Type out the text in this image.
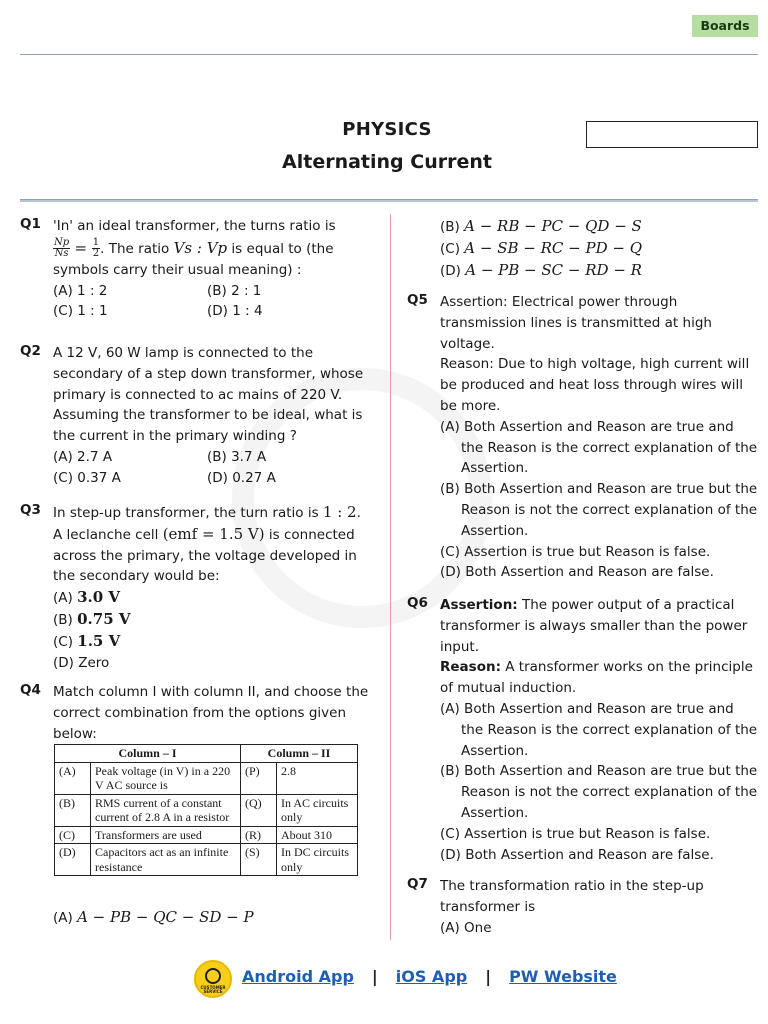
Boards
PHYSICS
Alternating Current
Q1 'In' an ideal transformer, the turns ratio is
$\frac{Np}{Ns} = \frac{1}{2}$ . The ratio Vs : Vp is equal to (the
symbols carry their usual meaning) :
(A) 1 : 2	(B) 2 : 1
(C) 1 : 1	(D) 1 : 4
Q2 A 12 V, 60 W lamp is connected to the
secondary of a step down transformer, whose
primary is connected to ac mains of 220 V.
Assuming the transformer to be ideal, what is
the current in the primary winding ?
(A) 2.7 A	(B) 3.7 A
(C) 0.37 A	(D) 0.27 A
Q3 In step-up transformer, the turn ratio is 1 : 2.
A leclanche cell (emf = 1.5 V) is connected
across the primary, the voltage developed in
the secondary would be:
(A) 3.0 V
(B) 0.75 V
(C) 1.5 V
(D) Zero
Q4 Match column I with column II, and choose the
correct combination from the options given
below:
Column – I		Column – II	
(A)	Peak voltage (in V) in a 220 V AC source is	(P)	2.8
(B)	RMS current of a constant current of 2.8 A in a resistor	(Q)	In AC circuits only
(C)	Transformers are used	(R)	About 310
(D)	Capacitors act as an infinite resistance	(S)	In DC circuits only
(A) A − PB − QC − SD − P
(B) A − RB − PC − QD − S
(C) A − SB − RC − PD − Q
(D) A − PB − SC − RD − R
Q5 Assertion: Electrical power through
transmission lines is transmitted at high
voltage.
Reason: Due to high voltage, high current will
be produced and heat loss through wires will
be more.
(A) Both Assertion and Reason are true and the Reason is the correct explanation of the Assertion.
(B) Both Assertion and Reason are true but the Reason is not the correct explanation of the Assertion.
(C) Assertion is true but Reason is false.
(D) Both Assertion and Reason are false.
Q6 Assertion: The power output of a practical transformer is always smaller than the power input.
Reason: A transformer works on the principle of mutual induction.
(A) Both Assertion and Reason are true and the Reason is the correct explanation of the Assertion.
(B) Both Assertion and Reason are true but the Reason is not the correct explanation of the Assertion.
(C) Assertion is true but Reason is false.
(D) Both Assertion and Reason are false.
Q7 The transformation ratio in the step-up
transformer is
(A) One
CUSTOMER SERVICE
Android App | iOS App | PW Website
